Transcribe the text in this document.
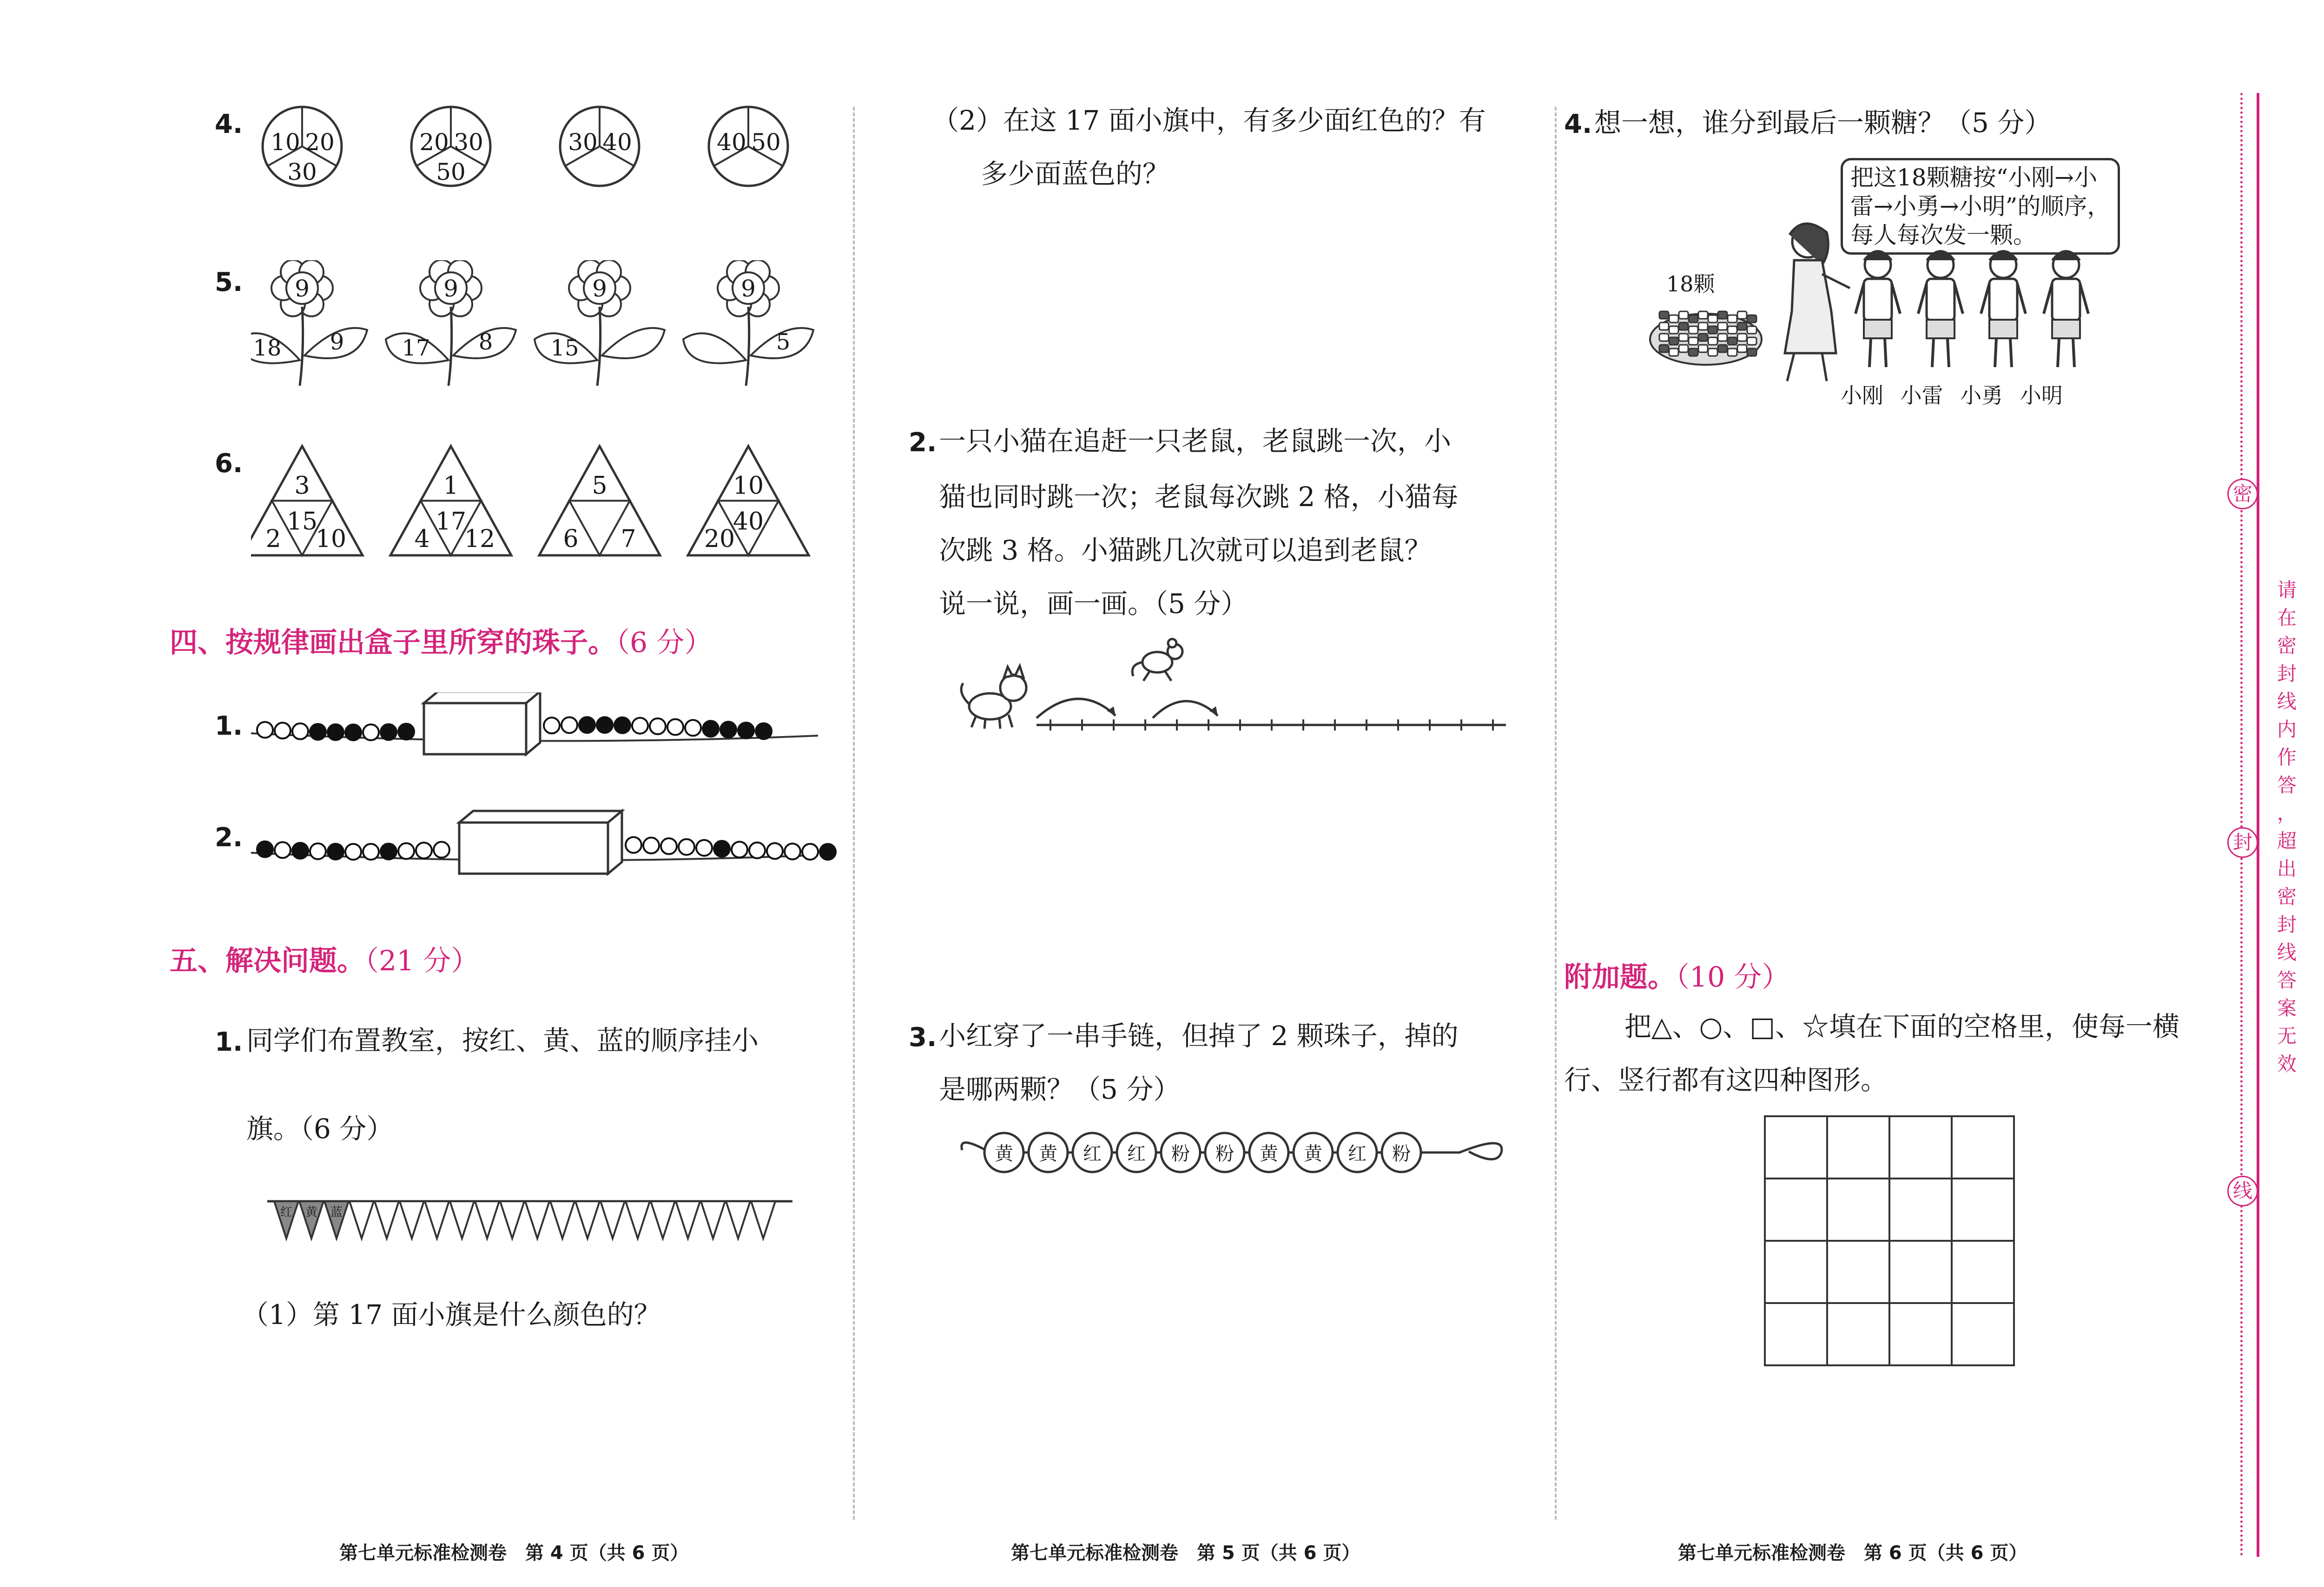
4.
10 20
30
20 30
50
30 40	40 50
5. 9
18 9
9
17 8
9
15
9
5
6.
3
15
2 10
1
17
4 12
5
6 7
10
40
20
四、按规律画出盒子里所穿的珠子。（6 分）
1.
2.
五、解决问题。（21 分）
1. 同学们布置教室，按红、黄、蓝的顺序挂小
旗。（6 分）
红 黄 蓝
（1）第 17 面小旗是什么颜色的？
（2）在这 17 面小旗中，有多少面红色的？有
多少面蓝色的？
2. 一只小猫在追赶一只老鼠，老鼠跳一次，小
猫也同时跳一次；老鼠每次跳 2 格，小猫每
次跳 3 格。小猫跳几次就可以追到老鼠？
说一说，画一画。（5 分）
3. 小红穿了一串手链，但掉了 2 颗珠子，掉的
是哪两颗？（5 分）
黄 黄 红 红 粉 粉 黄 黄 红 粉
4. 想一想，谁分到最后一颗糖？（5 分）
把这18颗糖按“小刚→小
雷→小勇→小明”的顺序，
每人每次发一颗。
18颗
小刚 小雷 小勇 小明
附加题。（10 分）
把△、○、□、☆填在下面的空格里，使每一横
行、竖行都有这四种图形。
第七单元标准检测卷　第 4 页（共 6 页）	第七单元标准检测卷　第 5 页（共 6 页）	第七单元标准检测卷　第 6 页（共 6 页）
密
封
线
请
在
密
封
线
内
作
答
，
超
出
密
封
线
答
案
无
效
